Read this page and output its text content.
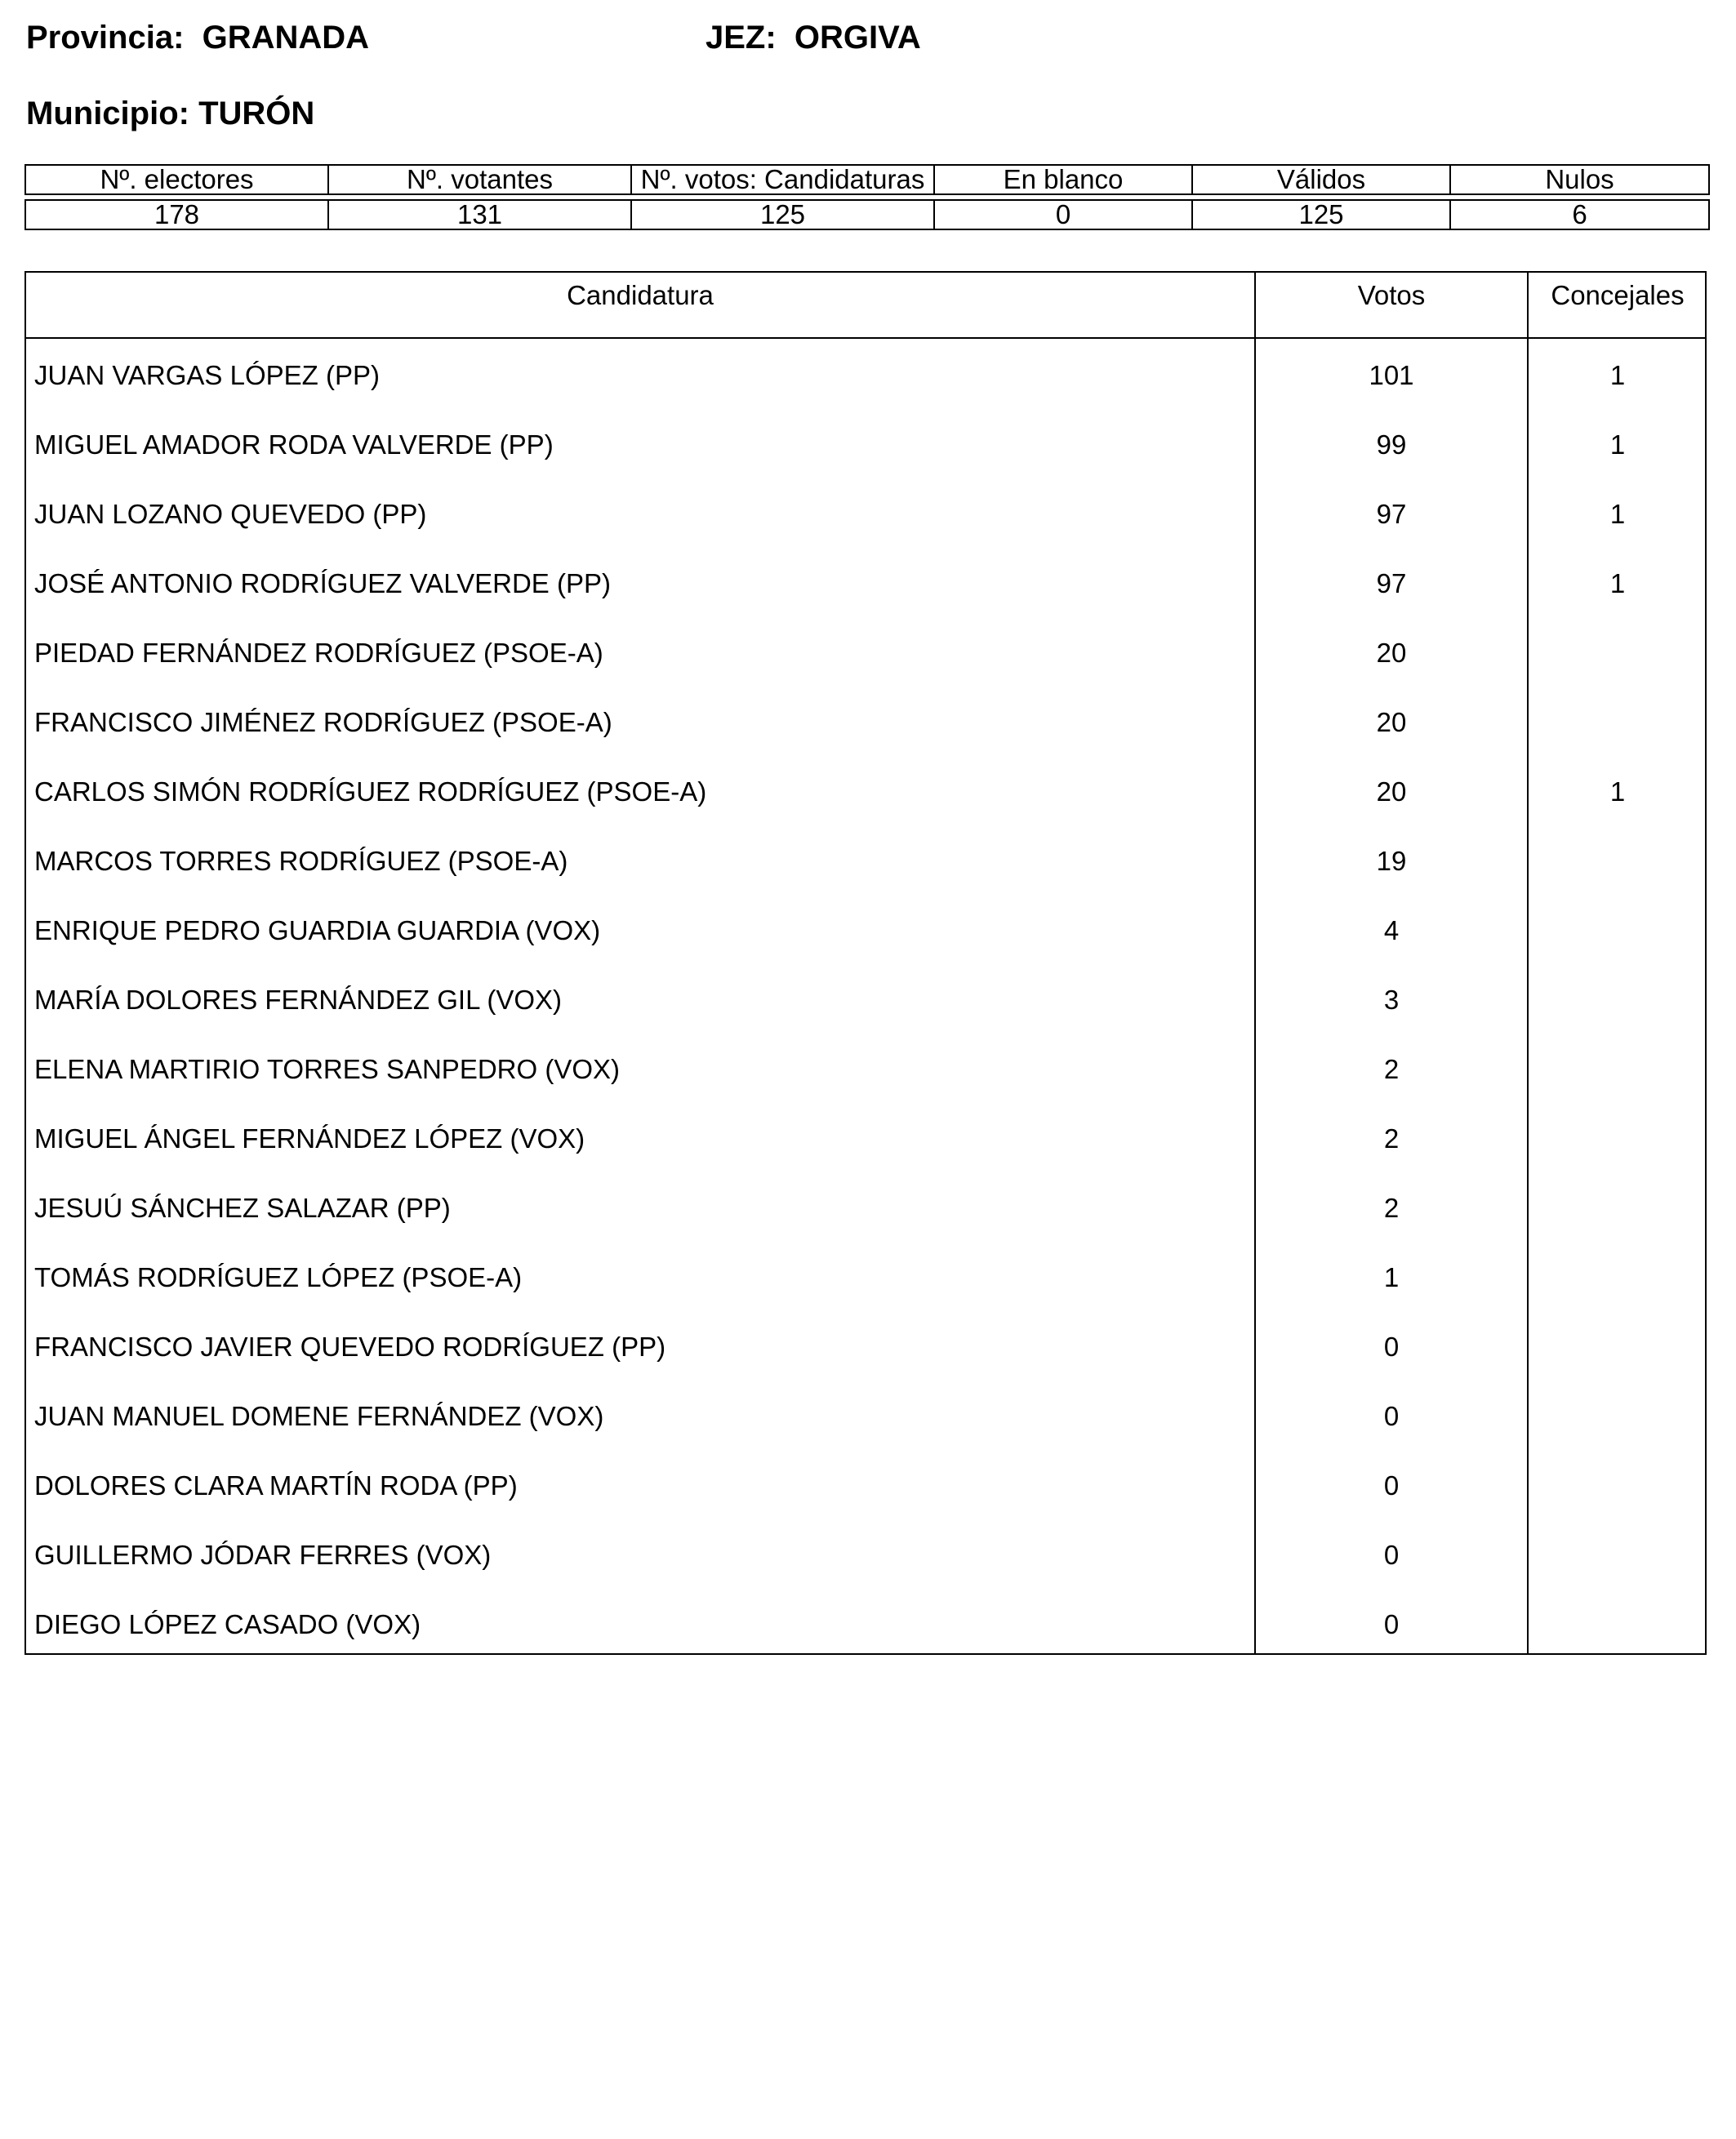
Provincia:  GRANADA	JEZ:  ORGIVA
Municipio: TURÓN
Nº. electores	Nº. votantes	Nº. votos: Candidaturas	En blanco	Válidos	Nulos

178	131	125	0	125	6
Candidatura	Votos	Concejales
JUAN VARGAS LÓPEZ (PP)	101	1
MIGUEL AMADOR RODA VALVERDE (PP)	99	1
JUAN LOZANO QUEVEDO (PP)	97	1
JOSÉ ANTONIO RODRÍGUEZ VALVERDE (PP)	97	1
PIEDAD FERNÁNDEZ RODRÍGUEZ (PSOE-A)	20
FRANCISCO JIMÉNEZ RODRÍGUEZ (PSOE-A)	20
CARLOS SIMÓN RODRÍGUEZ RODRÍGUEZ (PSOE-A)	20	1
MARCOS TORRES RODRÍGUEZ (PSOE-A)	19
ENRIQUE PEDRO GUARDIA GUARDIA (VOX)	4
MARÍA DOLORES FERNÁNDEZ GIL (VOX)	3
ELENA MARTIRIO TORRES SANPEDRO (VOX)	2
MIGUEL ÁNGEL FERNÁNDEZ LÓPEZ (VOX)	2
JESUÚ SÁNCHEZ SALAZAR (PP)	2
TOMÁS RODRÍGUEZ LÓPEZ (PSOE-A)	1
FRANCISCO JAVIER QUEVEDO RODRÍGUEZ (PP)	0
JUAN MANUEL DOMENE FERNÁNDEZ (VOX)	0
DOLORES CLARA MARTÍN RODA (PP)	0
GUILLERMO JÓDAR FERRES (VOX)	0
DIEGO LÓPEZ CASADO (VOX)	0
